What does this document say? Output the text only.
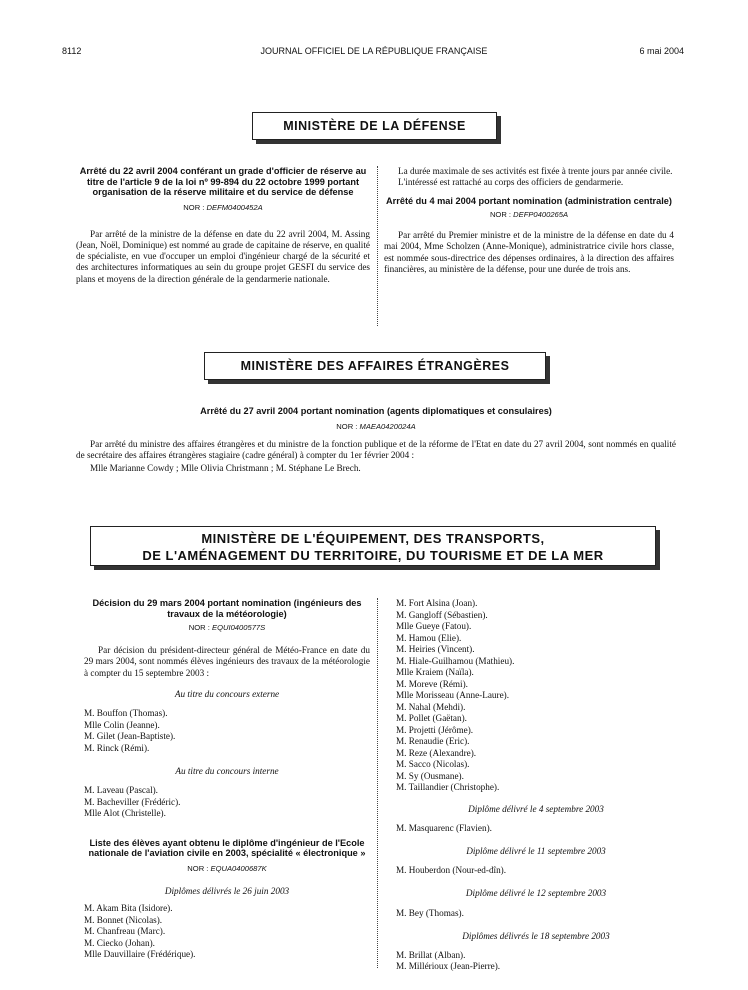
8112	JOURNAL OFFICIEL DE LA RÉPUBLIQUE FRANÇAISE	6 mai 2004
MINISTÈRE DE LA DÉFENSE

Arrêté du 22 avril 2004 conférant un grade d'officier de réserve au titre de l'article 9 de la loi nº 99-894 du 22 octobre 1999 portant organisation de la réserve militaire et du service de défense

NOR : DEFM0400452A

Par arrêté de la ministre de la défense en date du 22 avril 2004, M. Assing (Jean, Noël, Dominique) est nommé au grade de capitaine de réserve, en qualité de spécialiste, en vue d'occuper un emploi d'ingénieur chargé de la sécurité et des architectures informatiques au sein du groupe projet GESFI du service des plans et moyens de la direction générale de la gendarmerie nationale.

La durée maximale de ses activités est fixée à trente jours par année civile.

L'intéressé est rattaché au corps des officiers de gendarmerie.

Arrêté du 4 mai 2004 portant nomination (administration centrale)

NOR : DEFP0400265A

Par arrêté du Premier ministre et de la ministre de la défense en date du 4 mai 2004, Mme Scholzen (Anne-Monique), administratrice civile hors classe, est nommée sous-directrice des dépenses ordinaires, à la direction des affaires financières, au ministère de la défense, pour une durée de trois ans.

MINISTÈRE DES AFFAIRES ÉTRANGÈRES

Arrêté du 27 avril 2004 portant nomination (agents diplomatiques et consulaires)

NOR : MAEA0420024A

Par arrêté du ministre des affaires étrangères et du ministre de la fonction publique et de la réforme de l'Etat en date du 27 avril 2004, sont nommés en qualité de secrétaire des affaires étrangères stagiaire (cadre général) à compter du 1er février 2004 :

Mlle Marianne Cowdy ; Mlle Olivia Christmann ; M. Stéphane Le Brech.

MINISTÈRE DE L'ÉQUIPEMENT, DES TRANSPORTS,
DE L'AMÉNAGEMENT DU TERRITOIRE, DU TOURISME ET DE LA MER

Décision du 29 mars 2004 portant nomination (ingénieurs des travaux de la météorologie)

NOR : EQUI0400577S

Par décision du président-directeur général de Météo-France en date du 29 mars 2004, sont nommés élèves ingénieurs des travaux de la météorologie à compter du 15 septembre 2003 :

Au titre du concours externe

M. Bouffon (Thomas).
Mlle Colin (Jeanne).
M. Gilet (Jean-Baptiste).
M. Rinck (Rémi).

Au titre du concours interne

M. Laveau (Pascal).
M. Bacheviller (Frédéric).
Mlle Alot (Christelle).

Liste des élèves ayant obtenu le diplôme d'ingénieur de l'Ecole nationale de l'aviation civile en 2003, spécialité « électronique »

NOR : EQUA0400687K

Diplômes délivrés le 26 juin 2003

M. Akam Bita (Isidore).
M. Bonnet (Nicolas).
M. Chanfreau (Marc).
M. Ciecko (Johan).
Mlle Dauvillaire (Frédérique).
M. Fort Alsina (Joan).
M. Gangloff (Sébastien).
Mlle Gueye (Fatou).
M. Hamou (Elie).
M. Heiries (Vincent).
M. Hiale-Guilhamou (Mathieu).
Mlle Kraiem (Naïla).
M. Moreve (Rémi).
Mlle Morisseau (Anne-Laure).
M. Nahal (Mehdi).
M. Pollet (Gaëtan).
M. Projetti (Jérôme).
M. Renaudie (Eric).
M. Reze (Alexandre).
M. Sacco (Nicolas).
M. Sy (Ousmane).
M. Taillandier (Christophe).

Diplôme délivré le 4 septembre 2003

M. Masquarenc (Flavien).

Diplôme délivré le 11 septembre 2003

M. Houberdon (Nour-ed-dîn).

Diplôme délivré le 12 septembre 2003

M. Bey (Thomas).

Diplômes délivrés le 18 septembre 2003

M. Brillat (Alban).
M. Millérioux (Jean-Pierre).
